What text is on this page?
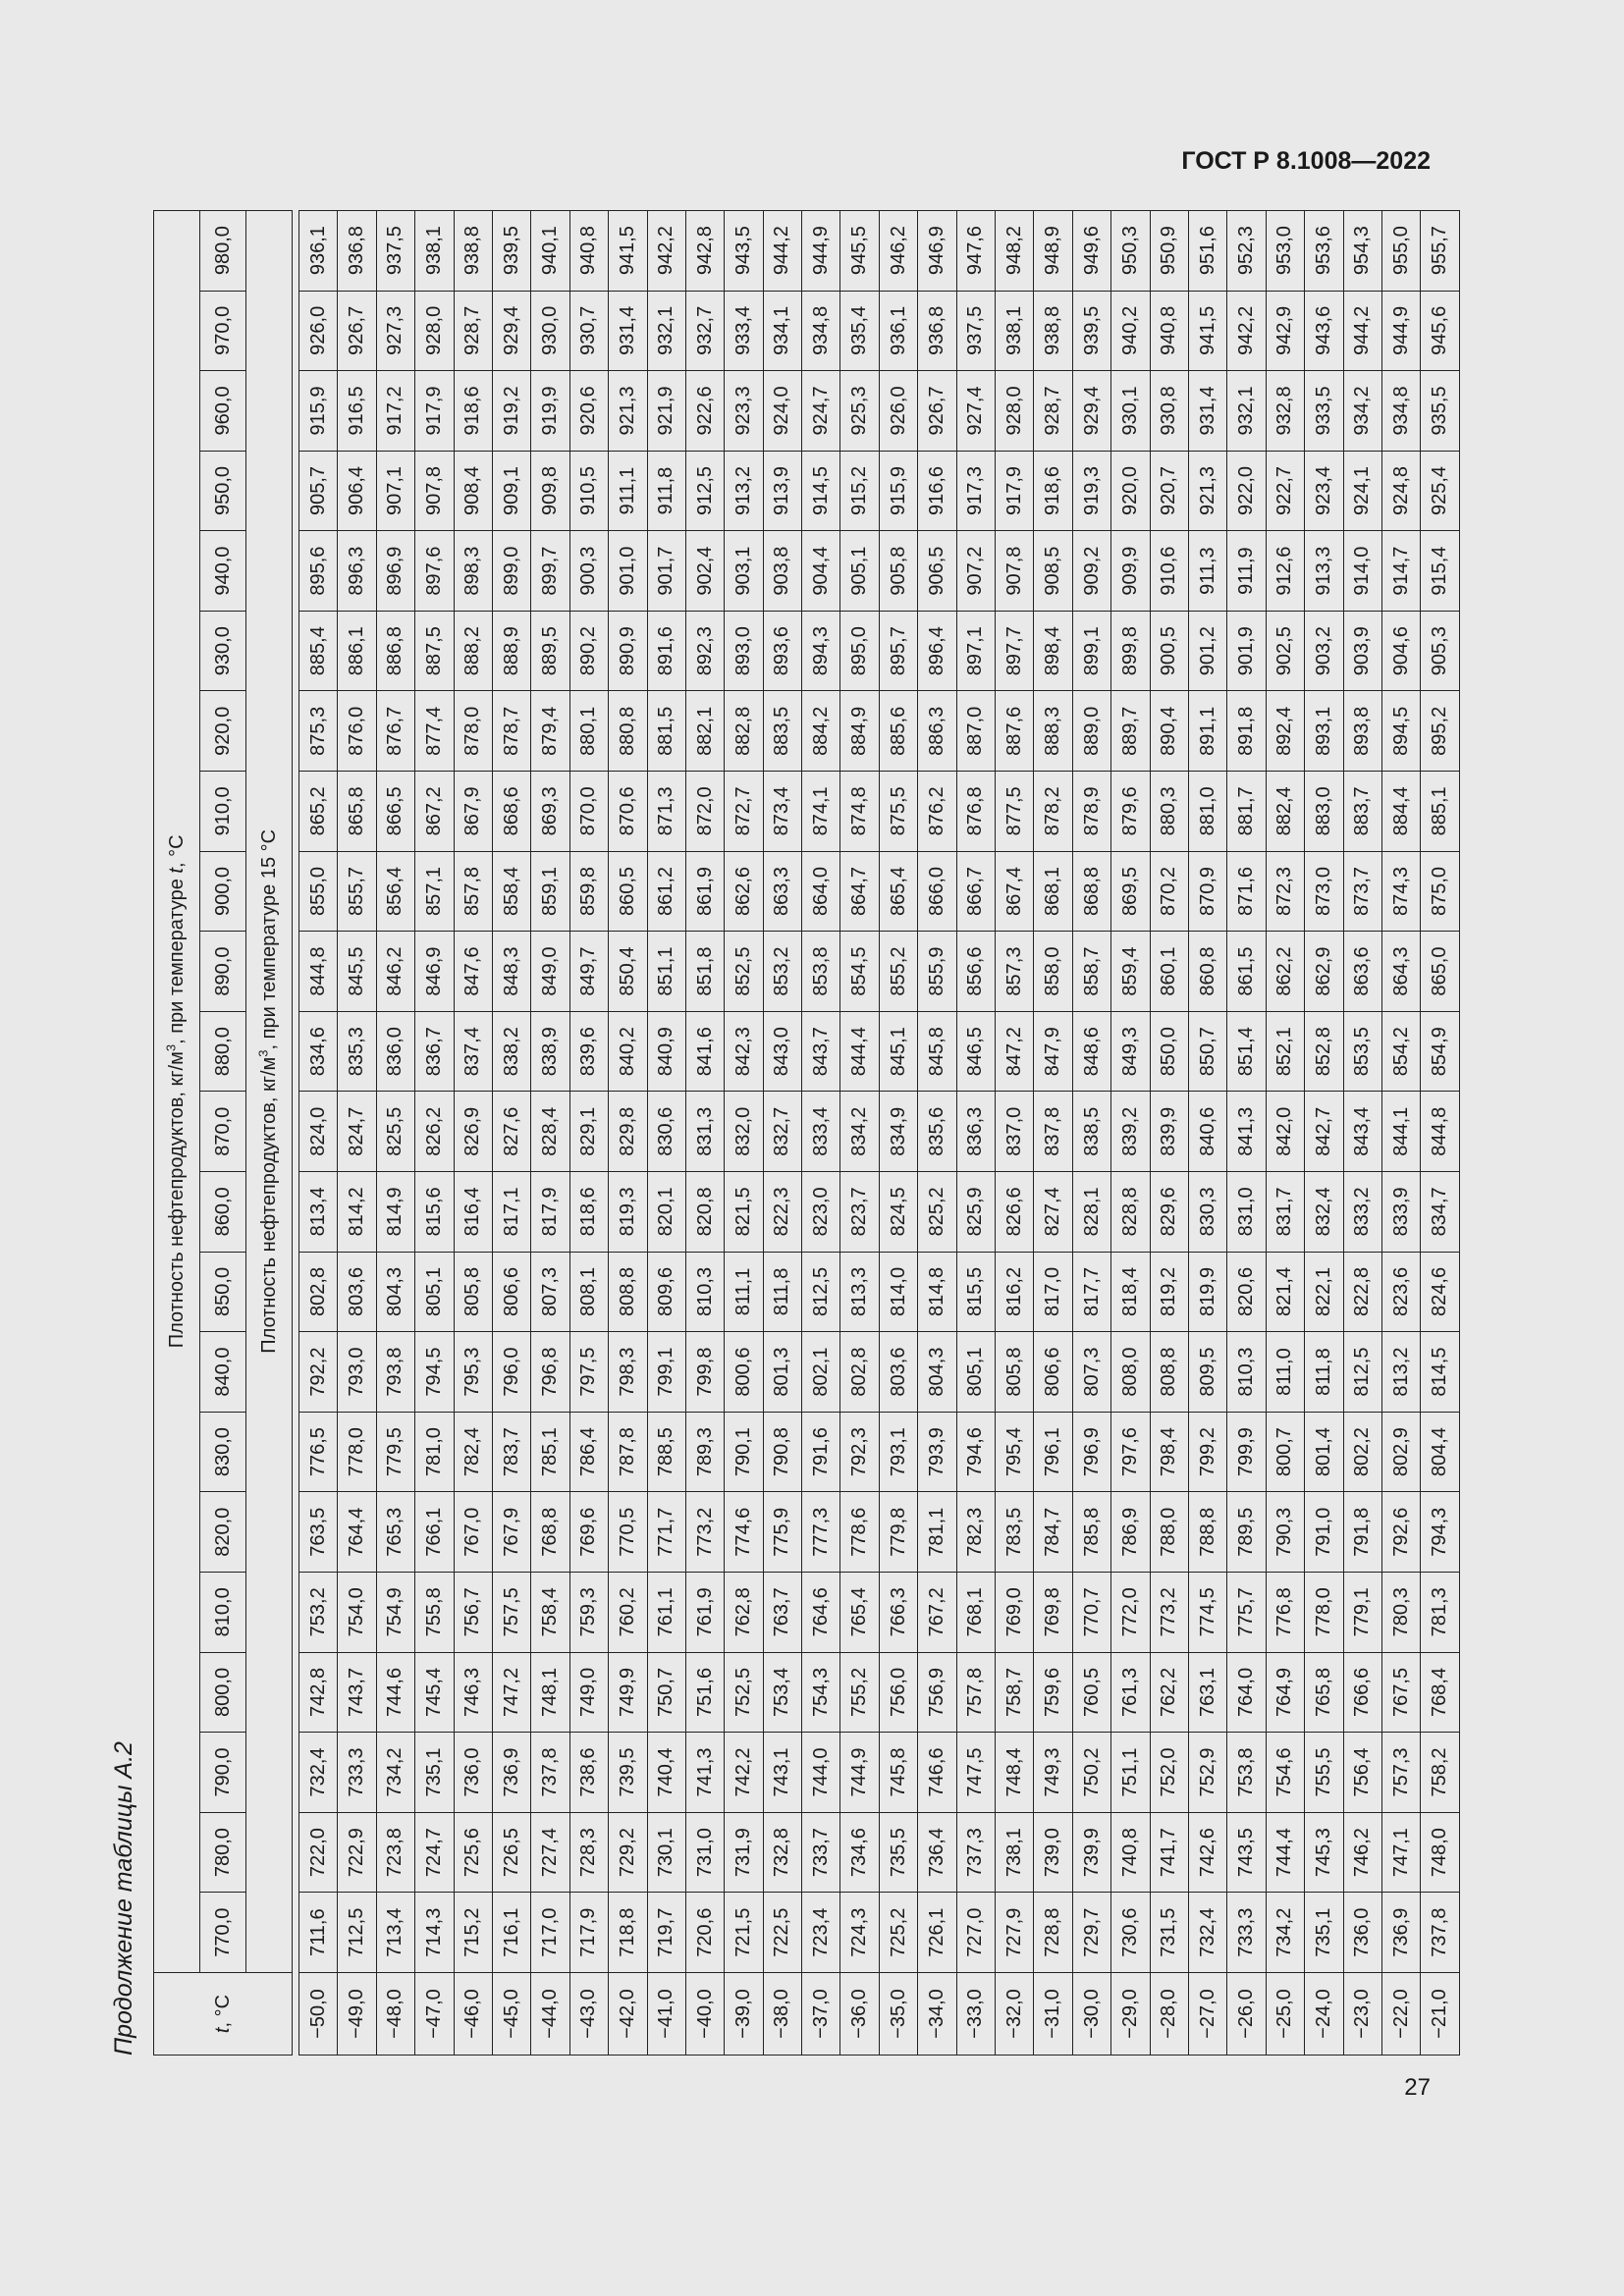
ГОСТ Р 8.1008—2022
Продолжение таблицы А.2	t, °С	Плотность нефтепродуктов, $кг/м^3$, при температуре t, °С																					
	770,0	780,0	790,0	800,0	810,0	820,0	830,0	840,0	850,0	860,0	870,0	880,0	890,0	900,0	910,0	920,0	930,0	940,0	950,0	960,0	970,0	980,0
	Плотность нефтепродуктов, $кг/м^3$, при температуре 15 °С																					

−50,0	711,6	722,0	732,4	742,8	753,2	763,5	776,5	792,2	802,8	813,4	824,0	834,6	844,8	855,0	865,2	875,3	885,4	895,6	905,7	915,9	926,0	936,1
−49,0	712,5	722,9	733,3	743,7	754,0	764,4	778,0	793,0	803,6	814,2	824,7	835,3	845,5	855,7	865,8	876,0	886,1	896,3	906,4	916,5	926,7	936,8
−48,0	713,4	723,8	734,2	744,6	754,9	765,3	779,5	793,8	804,3	814,9	825,5	836,0	846,2	856,4	866,5	876,7	886,8	896,9	907,1	917,2	927,3	937,5
−47,0	714,3	724,7	735,1	745,4	755,8	766,1	781,0	794,5	805,1	815,6	826,2	836,7	846,9	857,1	867,2	877,4	887,5	897,6	907,8	917,9	928,0	938,1
−46,0	715,2	725,6	736,0	746,3	756,7	767,0	782,4	795,3	805,8	816,4	826,9	837,4	847,6	857,8	867,9	878,0	888,2	898,3	908,4	918,6	928,7	938,8
−45,0	716,1	726,5	736,9	747,2	757,5	767,9	783,7	796,0	806,6	817,1	827,6	838,2	848,3	858,4	868,6	878,7	888,9	899,0	909,1	919,2	929,4	939,5
−44,0	717,0	727,4	737,8	748,1	758,4	768,8	785,1	796,8	807,3	817,9	828,4	838,9	849,0	859,1	869,3	879,4	889,5	899,7	909,8	919,9	930,0	940,1
−43,0	717,9	728,3	738,6	749,0	759,3	769,6	786,4	797,5	808,1	818,6	829,1	839,6	849,7	859,8	870,0	880,1	890,2	900,3	910,5	920,6	930,7	940,8
−42,0	718,8	729,2	739,5	749,9	760,2	770,5	787,8	798,3	808,8	819,3	829,8	840,2	850,4	860,5	870,6	880,8	890,9	901,0	911,1	921,3	931,4	941,5
−41,0	719,7	730,1	740,4	750,7	761,1	771,7	788,5	799,1	809,6	820,1	830,6	840,9	851,1	861,2	871,3	881,5	891,6	901,7	911,8	921,9	932,1	942,2
−40,0	720,6	731,0	741,3	751,6	761,9	773,2	789,3	799,8	810,3	820,8	831,3	841,6	851,8	861,9	872,0	882,1	892,3	902,4	912,5	922,6	932,7	942,8
−39,0	721,5	731,9	742,2	752,5	762,8	774,6	790,1	800,6	811,1	821,5	832,0	842,3	852,5	862,6	872,7	882,8	893,0	903,1	913,2	923,3	933,4	943,5
−38,0	722,5	732,8	743,1	753,4	763,7	775,9	790,8	801,3	811,8	822,3	832,7	843,0	853,2	863,3	873,4	883,5	893,6	903,8	913,9	924,0	934,1	944,2
−37,0	723,4	733,7	744,0	754,3	764,6	777,3	791,6	802,1	812,5	823,0	833,4	843,7	853,8	864,0	874,1	884,2	894,3	904,4	914,5	924,7	934,8	944,9
−36,0	724,3	734,6	744,9	755,2	765,4	778,6	792,3	802,8	813,3	823,7	834,2	844,4	854,5	864,7	874,8	884,9	895,0	905,1	915,2	925,3	935,4	945,5
−35,0	725,2	735,5	745,8	756,0	766,3	779,8	793,1	803,6	814,0	824,5	834,9	845,1	855,2	865,4	875,5	885,6	895,7	905,8	915,9	926,0	936,1	946,2
−34,0	726,1	736,4	746,6	756,9	767,2	781,1	793,9	804,3	814,8	825,2	835,6	845,8	855,9	866,0	876,2	886,3	896,4	906,5	916,6	926,7	936,8	946,9
−33,0	727,0	737,3	747,5	757,8	768,1	782,3	794,6	805,1	815,5	825,9	836,3	846,5	856,6	866,7	876,8	887,0	897,1	907,2	917,3	927,4	937,5	947,6
−32,0	727,9	738,1	748,4	758,7	769,0	783,5	795,4	805,8	816,2	826,6	837,0	847,2	857,3	867,4	877,5	887,6	897,7	907,8	917,9	928,0	938,1	948,2
−31,0	728,8	739,0	749,3	759,6	769,8	784,7	796,1	806,6	817,0	827,4	837,8	847,9	858,0	868,1	878,2	888,3	898,4	908,5	918,6	928,7	938,8	948,9
−30,0	729,7	739,9	750,2	760,5	770,7	785,8	796,9	807,3	817,7	828,1	838,5	848,6	858,7	868,8	878,9	889,0	899,1	909,2	919,3	929,4	939,5	949,6
−29,0	730,6	740,8	751,1	761,3	772,0	786,9	797,6	808,0	818,4	828,8	839,2	849,3	859,4	869,5	879,6	889,7	899,8	909,9	920,0	930,1	940,2	950,3
−28,0	731,5	741,7	752,0	762,2	773,2	788,0	798,4	808,8	819,2	829,6	839,9	850,0	860,1	870,2	880,3	890,4	900,5	910,6	920,7	930,8	940,8	950,9
−27,0	732,4	742,6	752,9	763,1	774,5	788,8	799,2	809,5	819,9	830,3	840,6	850,7	860,8	870,9	881,0	891,1	901,2	911,3	921,3	931,4	941,5	951,6
−26,0	733,3	743,5	753,8	764,0	775,7	789,5	799,9	810,3	820,6	831,0	841,3	851,4	861,5	871,6	881,7	891,8	901,9	911,9	922,0	932,1	942,2	952,3
−25,0	734,2	744,4	754,6	764,9	776,8	790,3	800,7	811,0	821,4	831,7	842,0	852,1	862,2	872,3	882,4	892,4	902,5	912,6	922,7	932,8	942,9	953,0
−24,0	735,1	745,3	755,5	765,8	778,0	791,0	801,4	811,8	822,1	832,4	842,7	852,8	862,9	873,0	883,0	893,1	903,2	913,3	923,4	933,5	943,6	953,6
−23,0	736,0	746,2	756,4	766,6	779,1	791,8	802,2	812,5	822,8	833,2	843,4	853,5	863,6	873,7	883,7	893,8	903,9	914,0	924,1	934,2	944,2	954,3
−22,0	736,9	747,1	757,3	767,5	780,3	792,6	802,9	813,2	823,6	833,9	844,1	854,2	864,3	874,3	884,4	894,5	904,6	914,7	924,8	934,8	944,9	955,0
−21,0	737,8	748,0	758,2	768,4	781,3	794,3	804,4	814,5	824,6	834,7	844,8	854,9	865,0	875,0	885,1	895,2	905,3	915,4	925,4	935,5	945,6	955,7
27
